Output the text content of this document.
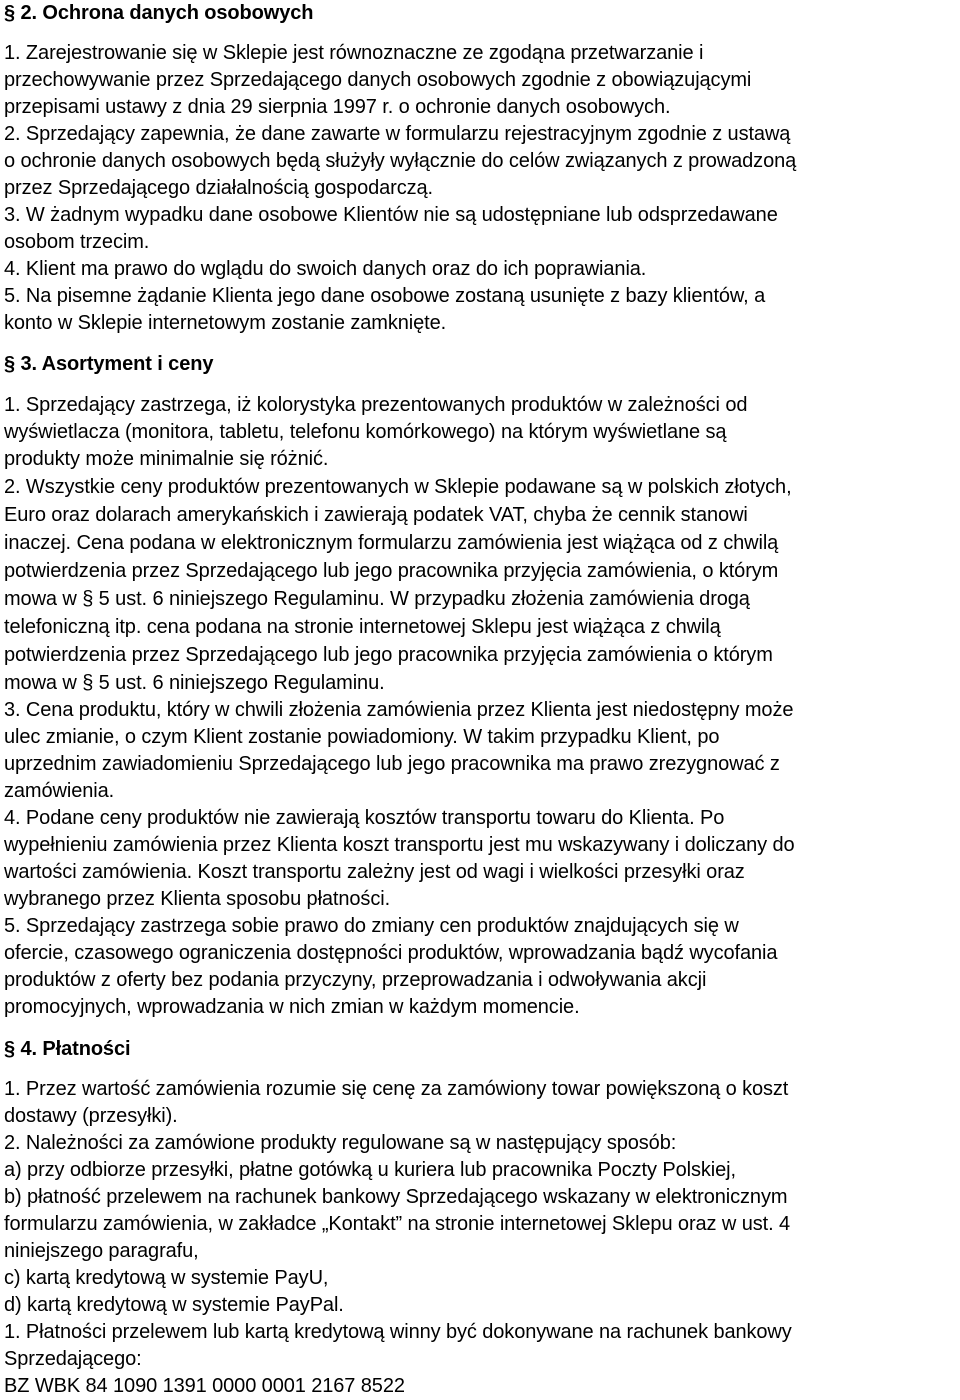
§ 2. Ochrona danych osobowych
1. Zarejestrowanie się w Sklepie jest równoznaczne ze zgodąna przetwarzanie i
przechowywanie przez Sprzedającego danych osobowych zgodnie z obowiązującymi
przepisami ustawy z dnia 29 sierpnia 1997 r. o ochronie danych osobowych.
2. Sprzedający zapewnia, że dane zawarte w formularzu rejestracyjnym zgodnie z ustawą
o ochronie danych osobowych będą służyły wyłącznie do celów związanych z prowadzoną
przez Sprzedającego działalnością gospodarczą.
3. W żadnym wypadku dane osobowe Klientów nie są udostępniane lub odsprzedawane
osobom trzecim.
4. Klient ma prawo do wglądu do swoich danych oraz do ich poprawiania.
5. Na pisemne żądanie Klienta jego dane osobowe zostaną usunięte z bazy klientów, a
konto w Sklepie internetowym zostanie zamknięte.
§ 3. Asortyment i ceny
1. Sprzedający zastrzega, iż kolorystyka prezentowanych produktów w zależności od
wyświetlacza (monitora, tabletu, telefonu komórkowego) na którym wyświetlane są
produkty może minimalnie się różnić.
2. Wszystkie ceny produktów prezentowanych w Sklepie podawane są w polskich złotych,
Euro oraz dolarach amerykańskich i zawierają podatek VAT, chyba że cennik stanowi
inaczej. Cena podana w elektronicznym formularzu zamówienia jest wiążąca od z chwilą
potwierdzenia przez Sprzedającego lub jego pracownika przyjęcia zamówienia, o którym
mowa w § 5 ust. 6 niniejszego Regulaminu. W przypadku złożenia zamówienia drogą
telefoniczną itp. cena podana na stronie internetowej Sklepu jest wiążąca z chwilą
potwierdzenia przez Sprzedającego lub jego pracownika przyjęcia zamówienia o którym
mowa w § 5 ust. 6 niniejszego Regulaminu.
3. Cena produktu, który w chwili złożenia zamówienia przez Klienta jest niedostępny może
ulec zmianie, o czym Klient zostanie powiadomiony. W takim przypadku Klient, po
uprzednim zawiadomieniu Sprzedającego lub jego pracownika ma prawo zrezygnować z
zamówienia.
4. Podane ceny produktów nie zawierają kosztów transportu towaru do Klienta. Po
wypełnieniu zamówienia przez Klienta koszt transportu jest mu wskazywany i doliczany do
wartości zamówienia. Koszt transportu zależny jest od wagi i wielkości przesyłki oraz
wybranego przez Klienta sposobu płatności.
5. Sprzedający zastrzega sobie prawo do zmiany cen produktów znajdujących się w
ofercie, czasowego ograniczenia dostępności produktów, wprowadzania bądź wycofania
produktów z oferty bez podania przyczyny, przeprowadzania i odwoływania akcji
promocyjnych, wprowadzania w nich zmian w każdym momencie.
§ 4. Płatności
1. Przez wartość zamówienia rozumie się cenę za zamówiony towar powiększoną o koszt
dostawy (przesyłki).
2. Należności za zamówione produkty regulowane są w następujący sposób:
a) przy odbiorze przesyłki, płatne gotówką u kuriera lub pracownika Poczty Polskiej,
b) płatność przelewem na rachunek bankowy Sprzedającego wskazany w elektronicznym
formularzu zamówienia, w zakładce „Kontakt” na stronie internetowej Sklepu oraz w ust. 4
niniejszego paragrafu,
c) kartą kredytową w systemie PayU,
d) kartą kredytową w systemie PayPal.
1. Płatności przelewem lub kartą kredytową winny być dokonywane na rachunek bankowy
Sprzedającego:
BZ WBK 84 1090 1391 0000 0001 2167 8522
